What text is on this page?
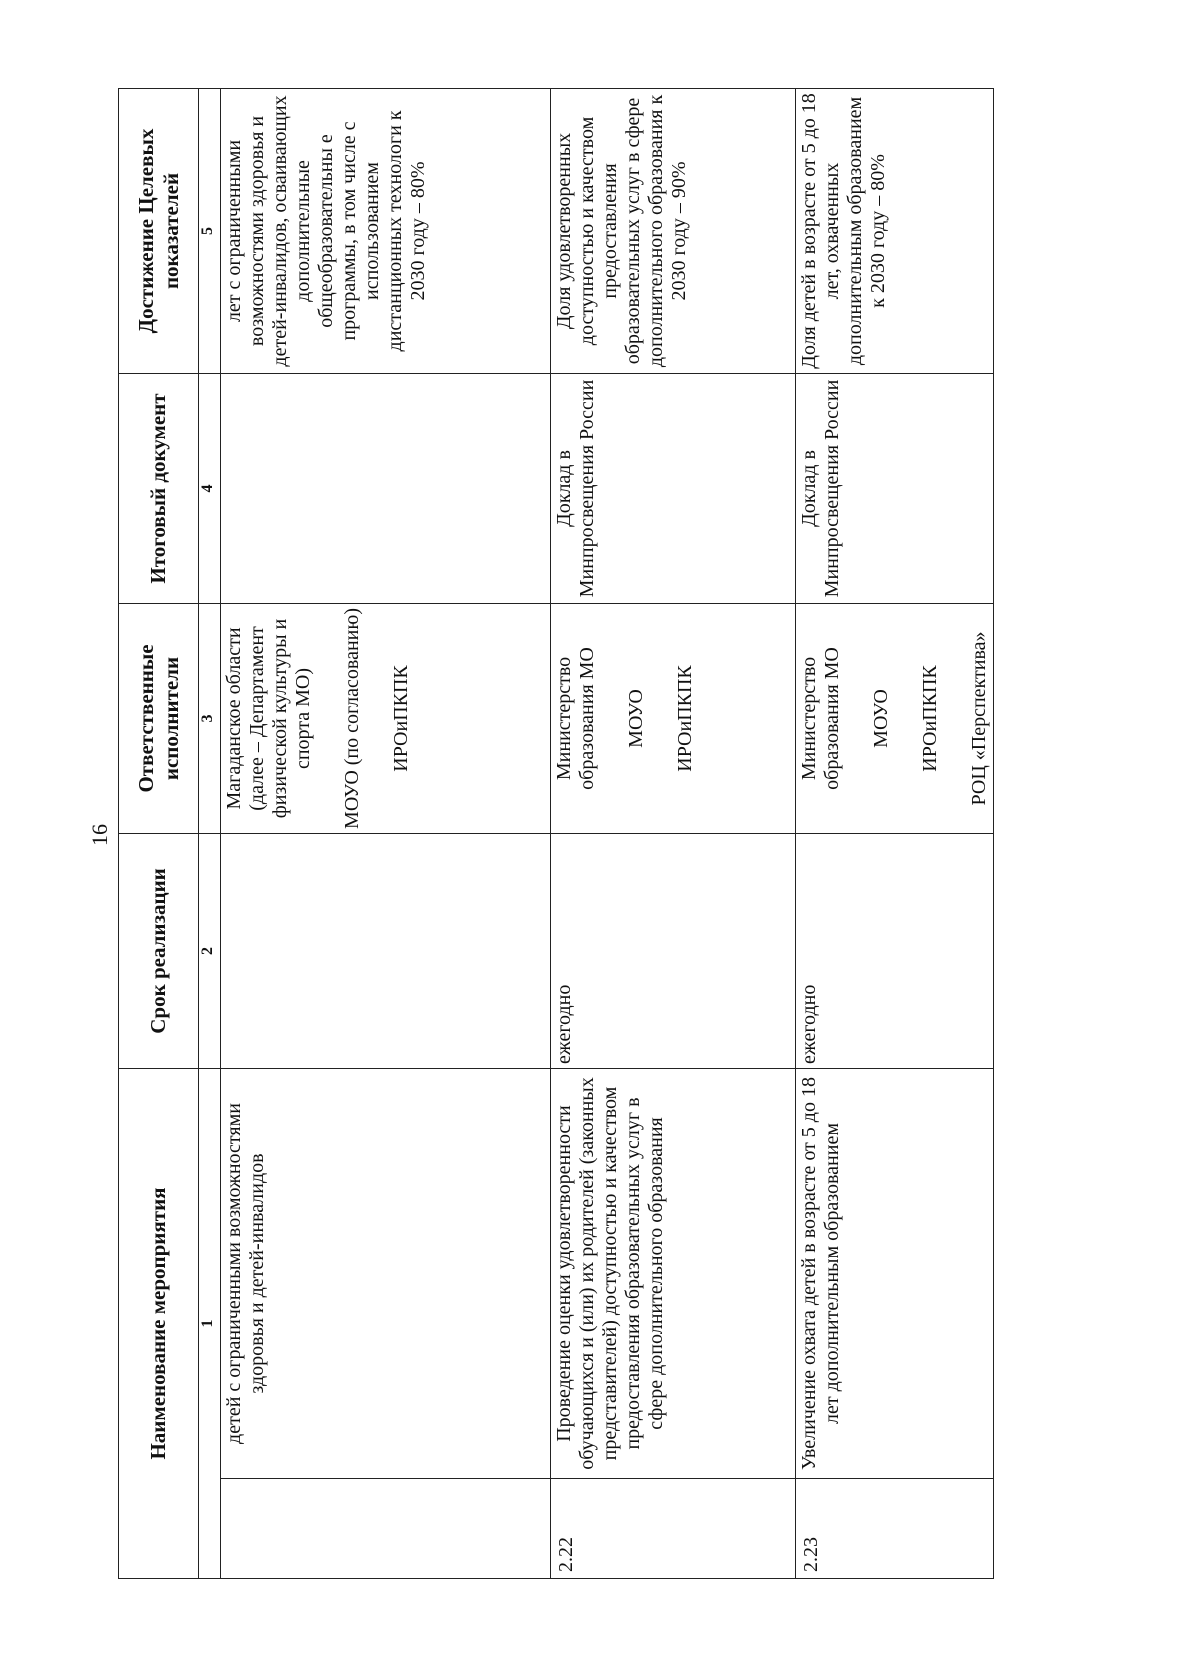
16
Наименование мероприятия		Срок реализации	Ответственные исполнители	Итоговый документ	Достижение Целевых показателей
1		2	3	4	5
	детей с ограниченными возможностями здоровья и детей-инвалидов		Магаданское области (далее – Департамент физической культуры и спорта МО) МОУО (по согласованию) ИРОиПКПК		лет с ограниченными возможностями здоровья и детей-инвалидов, осваивающих дополнительные общеобразовательны е программы, в том числе с использованием дистанционных технологи к 2030 году – 80%
2.22	Проведение оценки удовлетворенности обучающихся и (или) их родителей (законных представителей) доступностью и качеством предоставления образовательных услуг в сфере дополнительного образования	ежегодно	Министерство образования МО МОУО ИРОиПКПК	Доклад в Минпросвещения России	Доля удовлетворенных доступностью и качеством предоставления образовательных услуг в сфере дополнительного образования к 2030 году – 90%
2.23	Увеличение охвата детей в возрасте от 5 до 18 лет дополнительным образованием	ежегодно	Министерство образования МО МОУО ИРОиПКПК РОЦ «Перспектива»	Доклад в Минпросвещения России	Доля детей в возрасте от 5 до 18 лет, охваченных дополнительным образованием к 2030 году – 80%
